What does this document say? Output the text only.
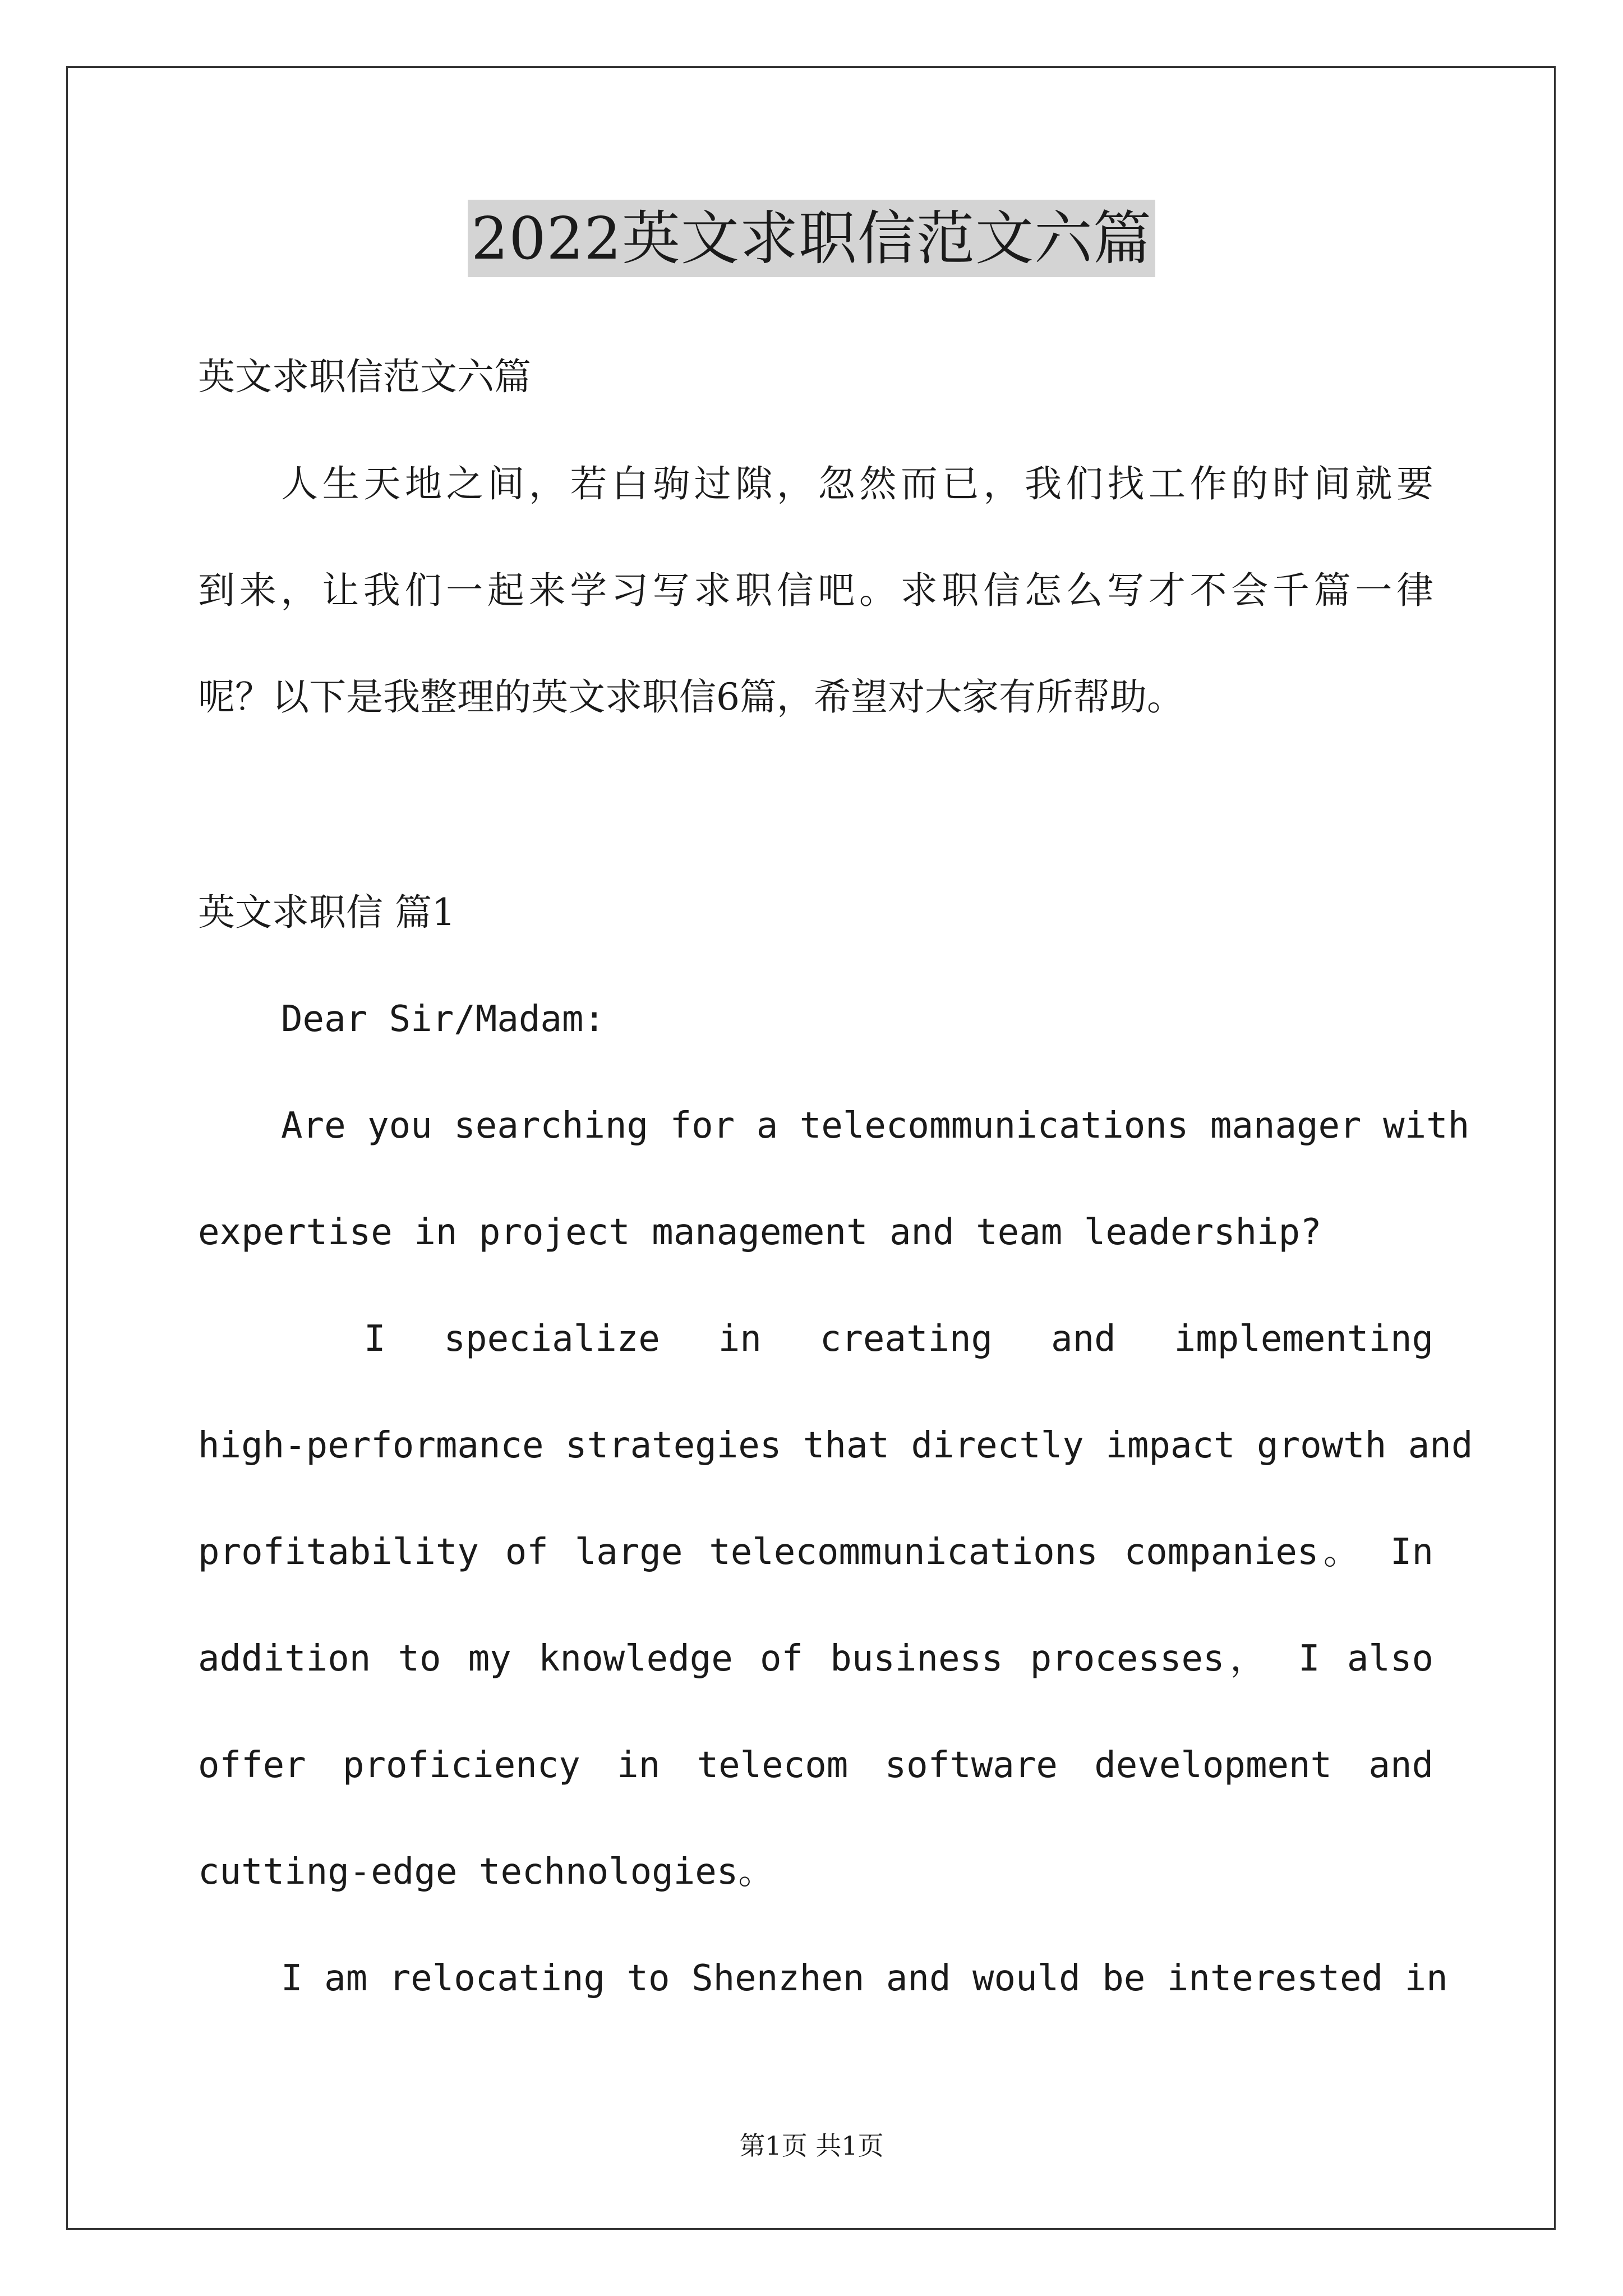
2022英文求职信范文六篇
英文求职信范文六篇
人生天地之间，若白驹过隙，忽然而已，我们找工作的时间就要
到来，让我们一起来学习写求职信吧。求职信怎么写才不会千篇一律
呢？以下是我整理的英文求职信6篇，希望对大家有所帮助。
英文求职信 篇1
Dear Sir/Madam:
Are you searching for a telecommunications manager with
expertise in project management and team leadership?
I specialize in creating and implementing
high-performance strategies that directly impact growth and
profitability of large telecommunications companies。 In
addition to my knowledge of business processes， I also
offer proficiency in telecom software development and
cutting-edge technologies。
I am relocating to Shenzhen and would be interested in
第1页 共1页
